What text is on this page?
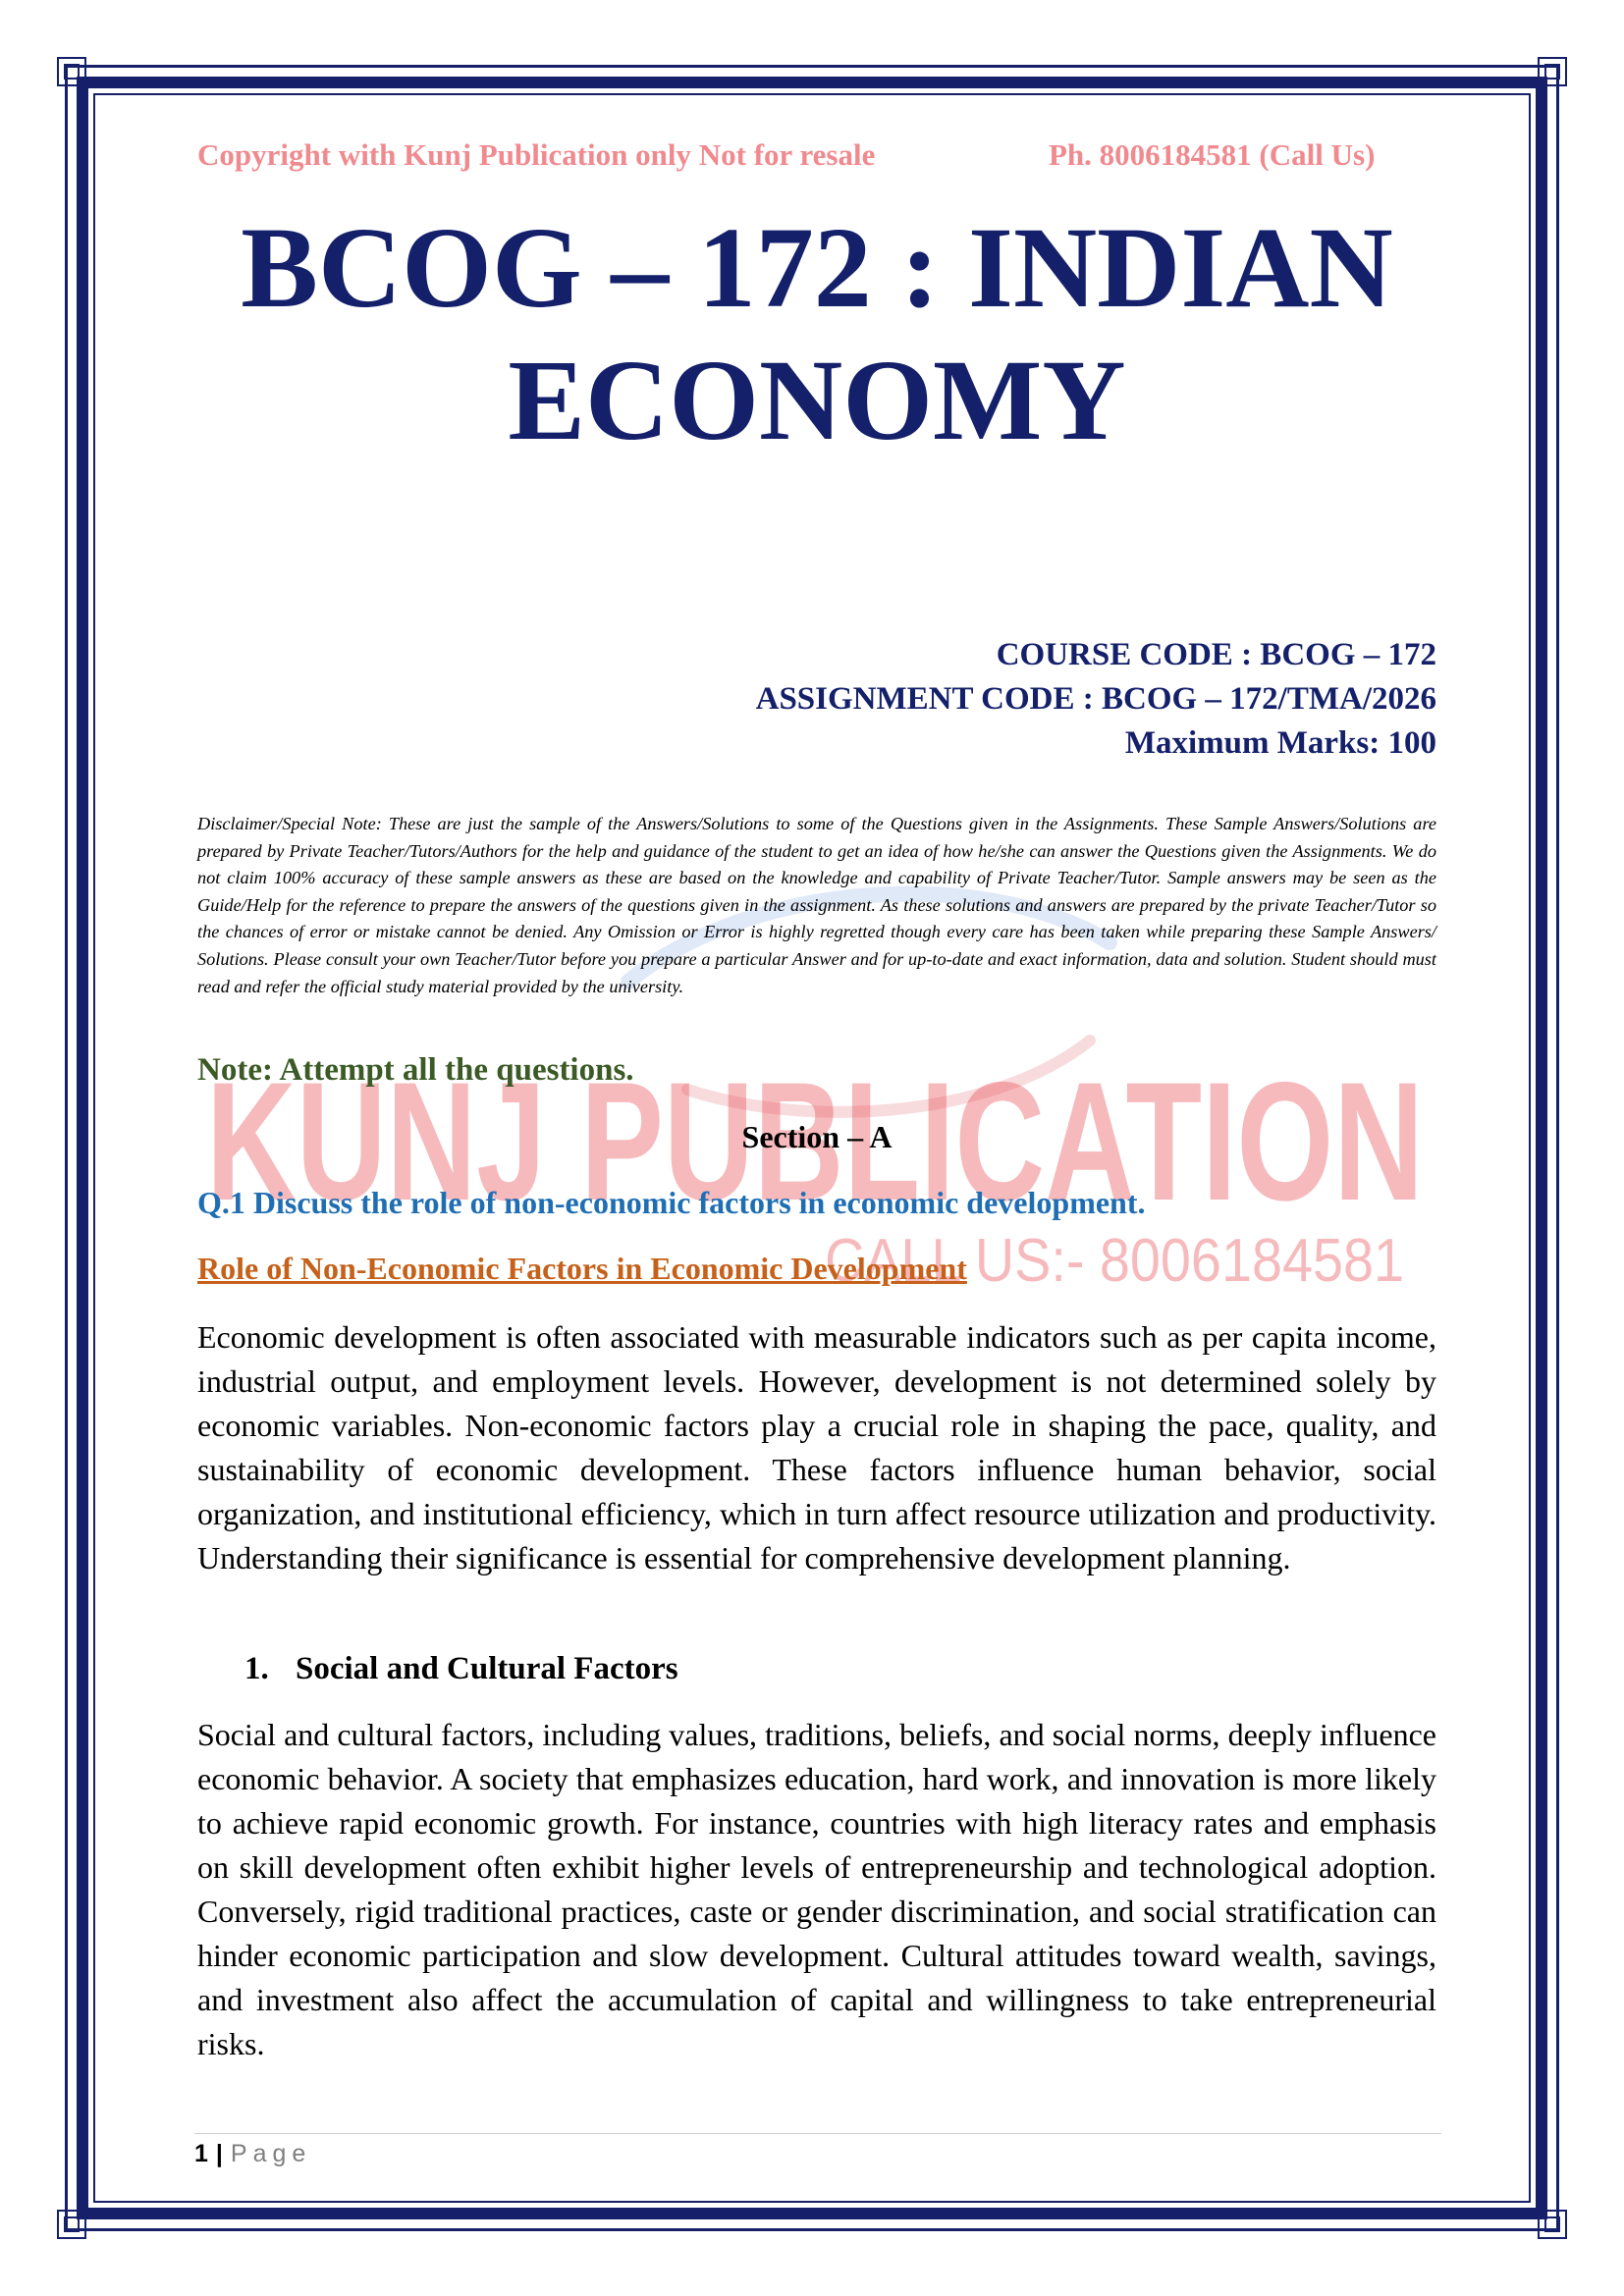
KUNJ PUBLICATION
CALL US:- 8006184581
Copyright with Kunj Publication only Not for resale	Ph. 8006184581 (Call Us)
BCOG – 172 : INDIAN
ECONOMY
COURSE CODE : BCOG – 172
ASSIGNMENT CODE : BCOG – 172/TMA/2026
Maximum Marks: 100
Disclaimer/Special Note: These are just the sample of the Answers/Solutions to some of the Questions given in the Assignments. These Sample Answers/Solutions are prepared by Private Teacher/Tutors/Authors for the help and guidance of the student to get an idea of how he/she can answer the Questions given the Assignments. We do not claim 100% accuracy of these sample answers as these are based on the knowledge and capability of Private Teacher/Tutor. Sample answers may be seen as the Guide/Help for the reference to prepare the answers of the questions given in the assignment. As these solutions and answers are prepared by the private Teacher/Tutor so the chances of error or mistake cannot be denied. Any Omission or Error is highly regretted though every care has been taken while preparing these Sample Answers/ Solutions. Please consult your own Teacher/Tutor before you prepare a particular Answer and for up-to-date and exact information, data and solution. Student should must read and refer the official study material provided by the university.
Note: Attempt all the questions.
Section – A
Q.1 Discuss the role of non-economic factors in economic development.
Role of Non-Economic Factors in Economic Development
Economic development is often associated with measurable indicators such as per capita income, industrial output, and employment levels. However, development is not determined solely by economic variables. Non-economic factors play a crucial role in shaping the pace, quality, and sustainability of economic development. These factors influence human behavior, social organization, and institutional efficiency, which in turn affect resource utilization and productivity. Understanding their significance is essential for comprehensive development planning.
1. Social and Cultural Factors
Social and cultural factors, including values, traditions, beliefs, and social norms, deeply influence economic behavior. A society that emphasizes education, hard work, and innovation is more likely to achieve rapid economic growth. For instance, countries with high literacy rates and emphasis on skill development often exhibit higher levels of entrepreneurship and technological adoption. Conversely, rigid traditional practices, caste or gender discrimination, and social stratification can hinder economic participation and slow development. Cultural attitudes toward wealth, savings, and investment also affect the accumulation of capital and willingness to take entrepreneurial risks.
1 | Page
